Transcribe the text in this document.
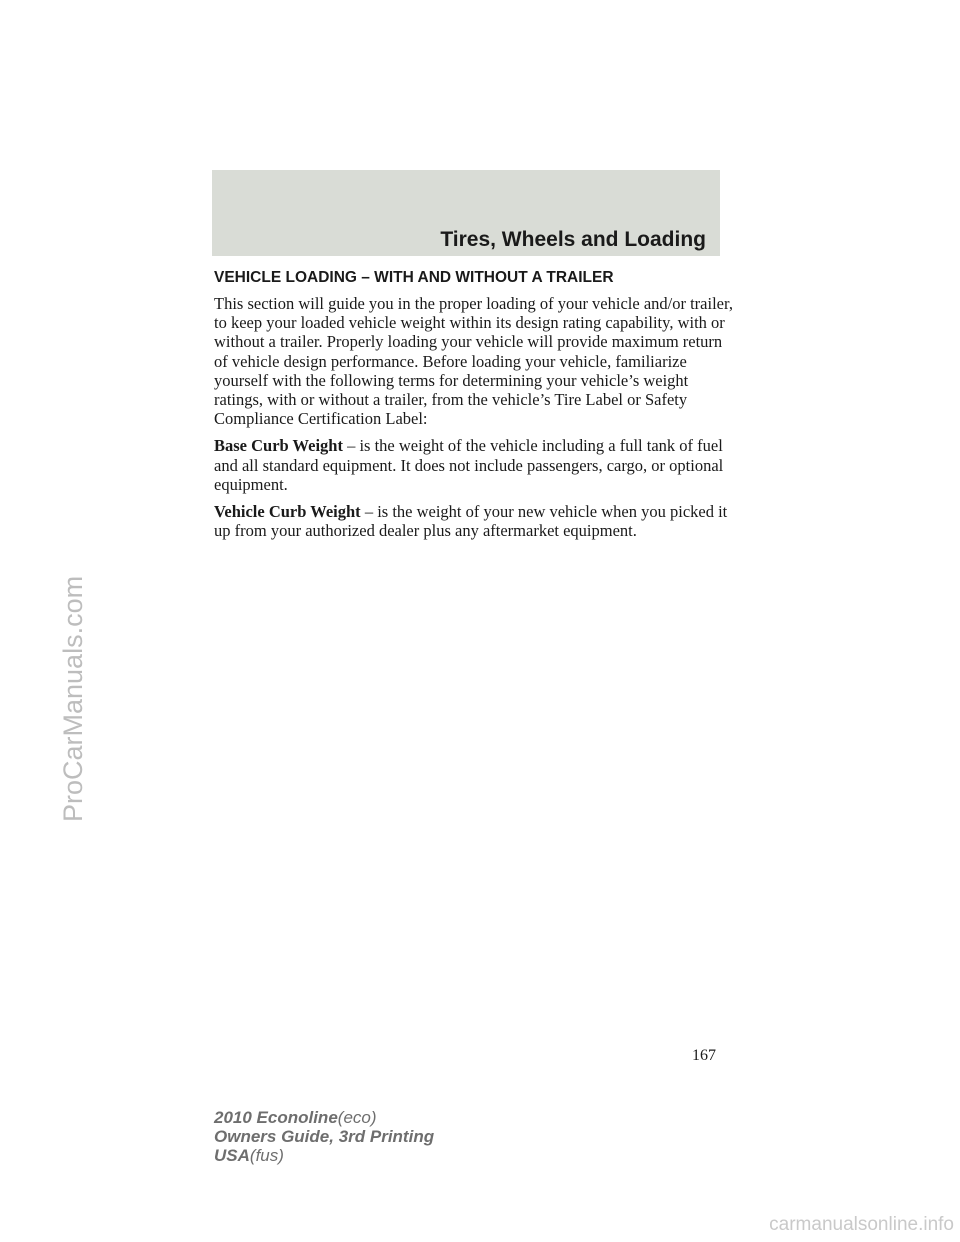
Tires, Wheels and Loading
VEHICLE LOADING – WITH AND WITHOUT A TRAILER

This section will guide you in the proper loading of your vehicle and/or trailer, to keep your loaded vehicle weight within its design rating capability, with or without a trailer. Properly loading your vehicle will provide maximum return of vehicle design performance. Before loading your vehicle, familiarize yourself with the following terms for determining your vehicle’s weight ratings, with or without a trailer, from the vehicle’s Tire Label or Safety Compliance Certification Label:

Base Curb Weight – is the weight of the vehicle including a full tank of fuel and all standard equipment. It does not include passengers, cargo, or optional equipment.

Vehicle Curb Weight – is the weight of your new vehicle when you picked it up from your authorized dealer plus any aftermarket equipment.

167
2010 Econoline(eco)
Owners Guide, 3rd Printing
USA(fus)
ProCarManuals.com
carmanualsonline.info
